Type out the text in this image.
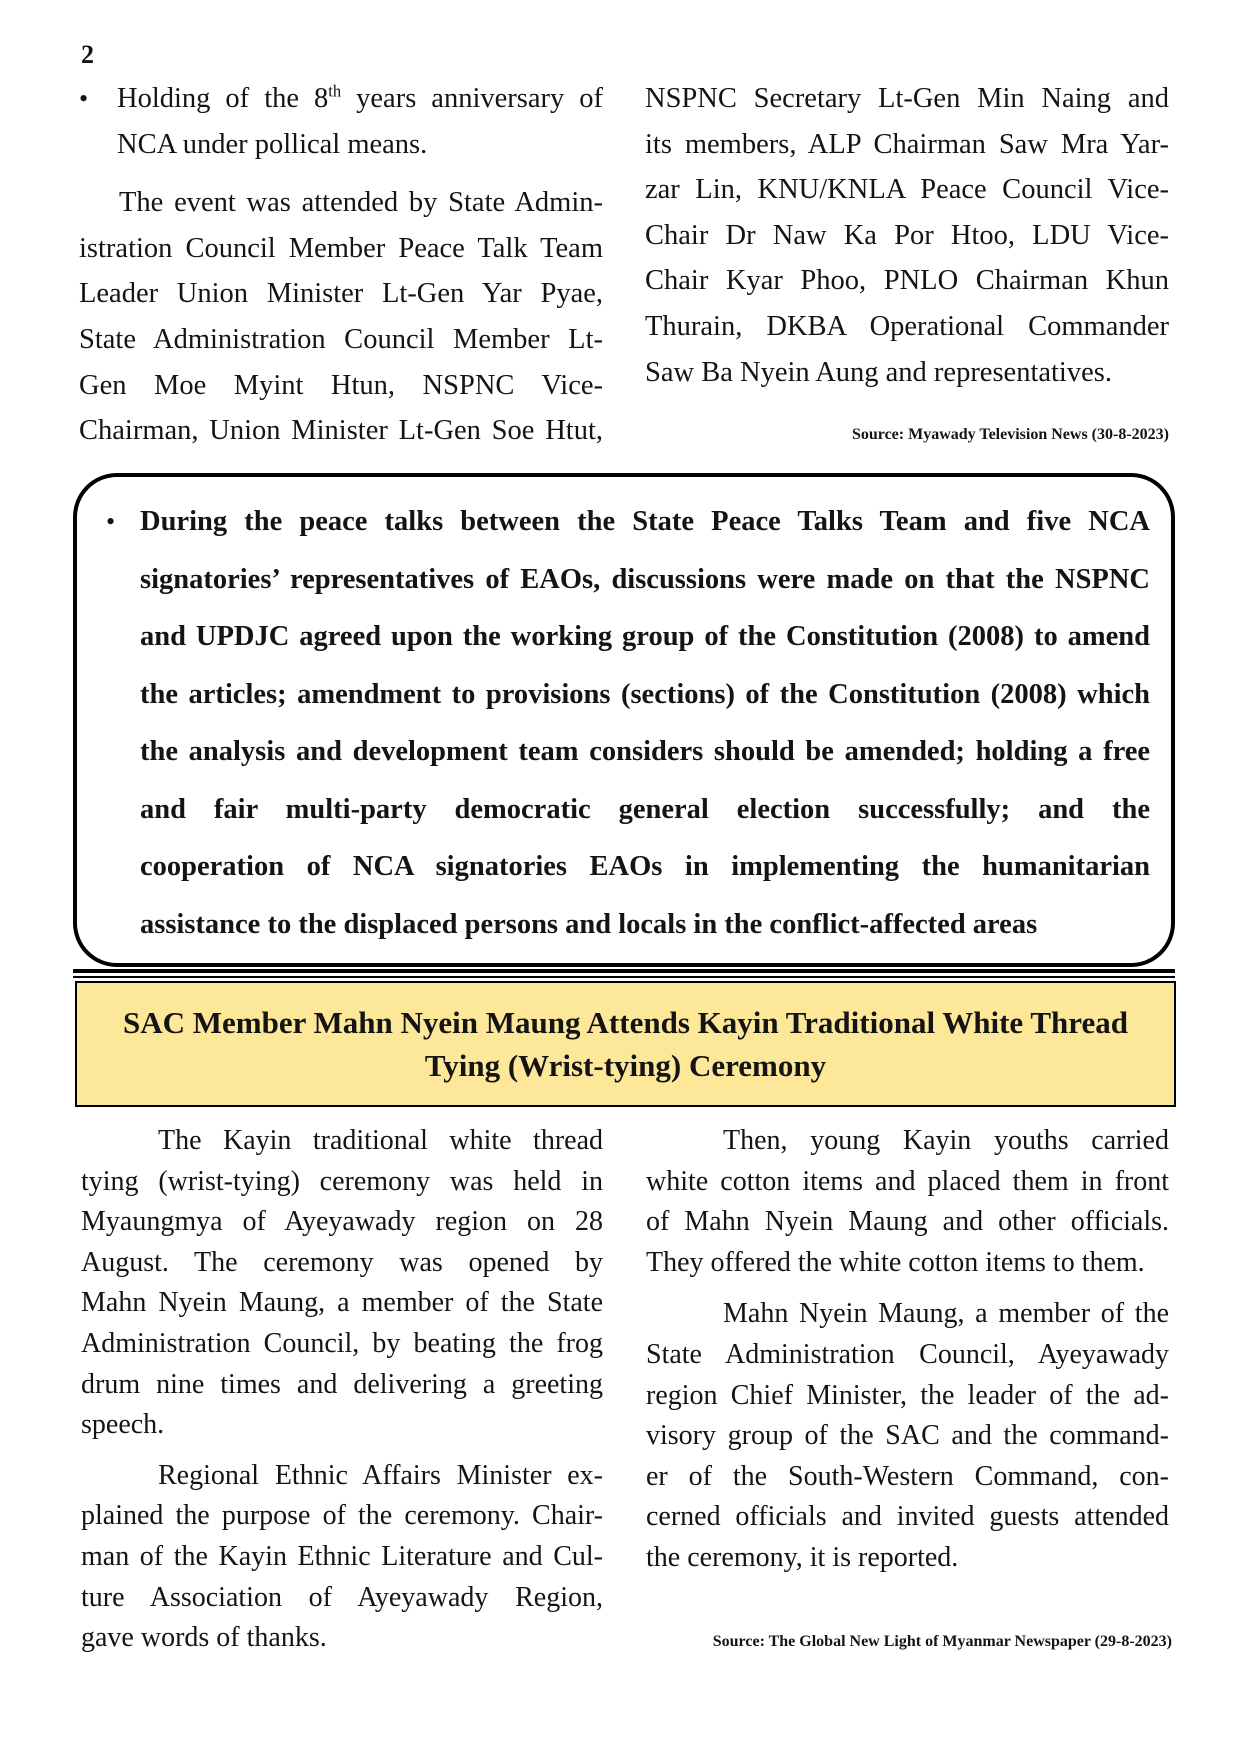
2
• Holding of the 8th years anniversary of
NCA under pollical means.
The event was attended by State Admin-
istration Council Member Peace Talk Team
Leader Union Minister Lt-Gen Yar Pyae,
State Administration Council Member Lt-
Gen Moe Myint Htun, NSPNC Vice-
Chairman, Union Minister Lt-Gen Soe Htut,
NSPNC Secretary Lt-Gen Min Naing and
its members, ALP Chairman Saw Mra Yar-
zar Lin, KNU/KNLA Peace Council Vice-
Chair Dr Naw Ka Por Htoo, LDU Vice-
Chair Kyar Phoo, PNLO Chairman Khun
Thurain, DKBA Operational Commander
Saw Ba Nyein Aung and representatives.
Source: Myawady Television News (30-8-2023)
• During the peace talks between the State Peace Talks Team and five NCA
signatories’ representatives of EAOs, discussions were made on that the NSPNC
and UPDJC agreed upon the working group of the Constitution (2008) to amend
the articles; amendment to provisions (sections) of the Constitution (2008) which
the analysis and development team considers should be amended; holding a free
and fair multi-party democratic general election successfully; and the
cooperation of NCA signatories EAOs in implementing the humanitarian
assistance to the displaced persons and locals in the conflict-affected areas
SAC Member Mahn Nyein Maung Attends Kayin Traditional White Thread
Tying (Wrist-tying) Ceremony
The Kayin traditional white thread
tying (wrist-tying) ceremony was held in
Myaungmya of Ayeyawady region on 28
August. The ceremony was opened by
Mahn Nyein Maung, a member of the State
Administration Council, by beating the frog
drum nine times and delivering a greeting
speech.
Regional Ethnic Affairs Minister ex-
plained the purpose of the ceremony. Chair-
man of the Kayin Ethnic Literature and Cul-
ture Association of Ayeyawady Region,
gave words of thanks.
Then, young Kayin youths carried
white cotton items and placed them in front
of Mahn Nyein Maung and other officials.
They offered the white cotton items to them.
Mahn Nyein Maung, a member of the
State Administration Council, Ayeyawady
region Chief Minister, the leader of the ad-
visory group of the SAC and the command-
er of the South-Western Command, con-
cerned officials and invited guests attended
the ceremony, it is reported.
Source: The Global New Light of Myanmar Newspaper (29-8-2023)
